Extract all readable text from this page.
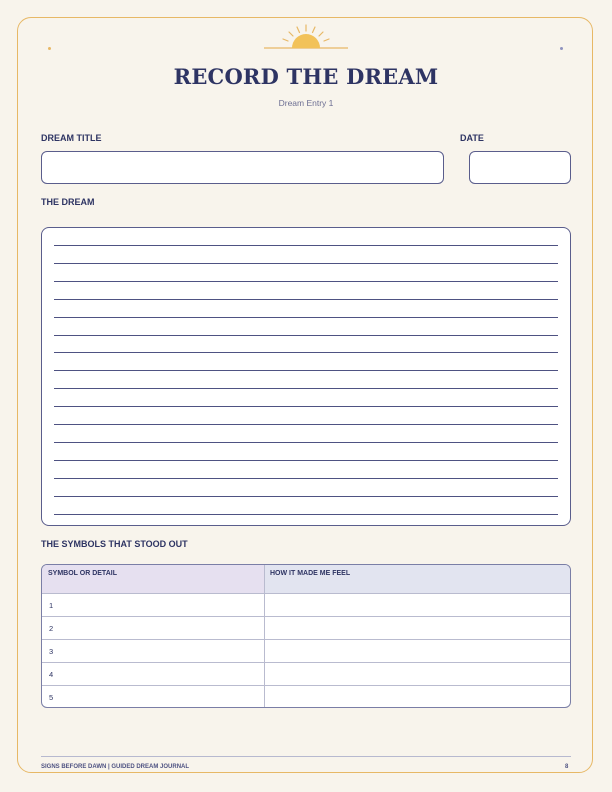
RECORD THE DREAM
Dream Entry 1
DREAM TITLE	DATE
THE DREAM
THE SYMBOLS THAT STOOD OUT
SYMBOL OR DETAIL	HOW IT MADE ME FEEL
1
2
3
4
5
SIGNS BEFORE DAWN | GUIDED DREAM JOURNAL	8
